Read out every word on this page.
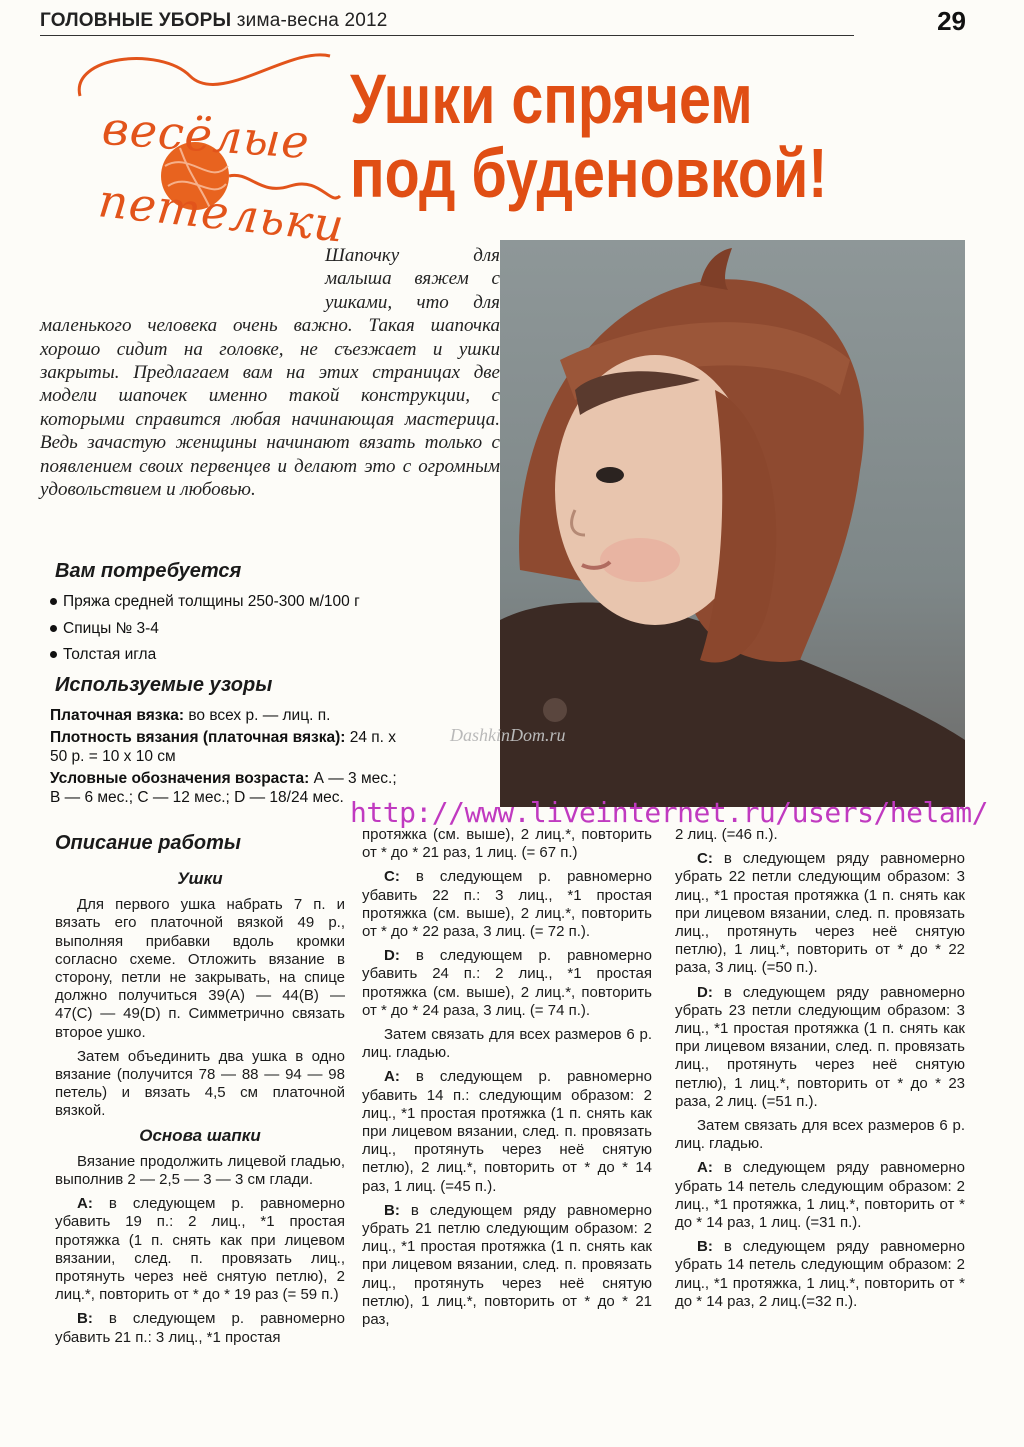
ГОЛОВНЫЕ УБОРЫ зима-весна 2012	29
весёлые
петельки
Ушки спрячем
под буденовкой!

Шапочку для малыша вяжем с ушками, что для маленького человека очень важно. Такая шапочка хорошо сидит на головке, не съезжает и ушки закрыты. Предлагаем вам на этих страницах две модели шапочек именно такой конструкции, с которыми справится любая начинающая мастерица. Ведь зачастую женщины начинают вязать только с появлением своих первенцев и делают это с огромным удовольствием и любовью.

DashkinDom.ru
http://www.liveinternet.ru/users/helam/
Вам потребуется
Пряжа средней толщины 250-300 м/100 г
Спицы № 3-4
Толстая игла
Используемые узоры

Платочная вязка: во всех р. — лиц. п.

Плотность вязания (платочная вязка): 24 п. х 50 р. = 10 х 10 см

Условные обозначения возраста: А — 3 мес.; В — 6 мес.; С — 12 мес.; D — 18/24 мес.

Описание работы

Ушки

Для первого ушка набрать 7 п. и вязать его платочной вязкой 49 р., выполняя прибавки вдоль кромки согласно схеме. Отложить вязание в сторону, петли не закрывать, на спице должно получиться 39(А) — 44(В) — 47(С) — 49(D) п. Симметрично связать второе ушко.

Затем объединить два ушка в одно вязание (получится 78 — 88 — 94 — 98 петель) и вязать 4,5 см платочной вязкой.

Основа шапки

Вязание продолжить лицевой гладью, выполнив 2 — 2,5 — 3 — 3 см глади.

А: в следующем р. равномерно убавить 19 п.: 2 лиц., *1 простая протяжка (1 п. снять как при лицевом вязании, след. п. провязать лиц., протянуть через неё снятую петлю), 2 лиц.*, повторить от * до * 19 раз (= 59 п.)

В: в следующем р. равномерно убавить 21 п.: 3 лиц., *1 простая

протяжка (см. выше), 2 лиц.*, повторить от * до * 21 раз, 1 лиц. (= 67 п.)

С: в следующем р. равномерно убавить 22 п.: 3 лиц., *1 простая протяжка (см. выше), 2 лиц.*, повторить от * до * 22 раза, 3 лиц. (= 72 п.).

D: в следующем р. равномерно убавить 24 п.: 2 лиц., *1 простая протяжка (см. выше), 2 лиц.*, повторить от * до * 24 раза, 3 лиц. (= 74 п.).

Затем связать для всех размеров 6 р. лиц. гладью.

А: в следующем р. равномерно убавить 14 п.: следующим образом: 2 лиц., *1 простая протяжка (1 п. снять как при лицевом вязании, след. п. провязать лиц., протянуть через неё снятую петлю), 2 лиц.*, повторить от * до * 14 раз, 1 лиц. (=45 п.).

В: в следующем ряду равномерно убрать 21 петлю следующим образом: 2 лиц., *1 простая протяжка (1 п. снять как при лицевом вязании, след. п. провязать лиц., протянуть через неё снятую петлю), 1 лиц.*, повторить от * до * 21 раз,

2 лиц. (=46 п.).

С: в следующем ряду равномерно убрать 22 петли следующим образом: 3 лиц., *1 простая протяжка (1 п. снять как при лицевом вязании, след. п. провязать лиц., протянуть через неё снятую петлю), 1 лиц.*, повторить от * до * 22 раза, 3 лиц. (=50 п.).

D: в следующем ряду равномерно убрать 23 петли следующим образом: 3 лиц., *1 простая протяжка (1 п. снять как при лицевом вязании, след. п. провязать лиц., протянуть через неё снятую петлю), 1 лиц.*, повторить от * до * 23 раза, 2 лиц. (=51 п.).

Затем связать для всех размеров 6 р. лиц. гладью.

А: в следующем ряду равномерно убрать 14 петель следующим образом: 2 лиц., *1 протяжка, 1 лиц.*, повторить от * до * 14 раз, 1 лиц. (=31 п.).

В: в следующем ряду равномерно убрать 14 петель следующим образом: 2 лиц., *1 протяжка, 1 лиц.*, повторить от * до * 14 раз, 2 лиц.(=32 п.).
